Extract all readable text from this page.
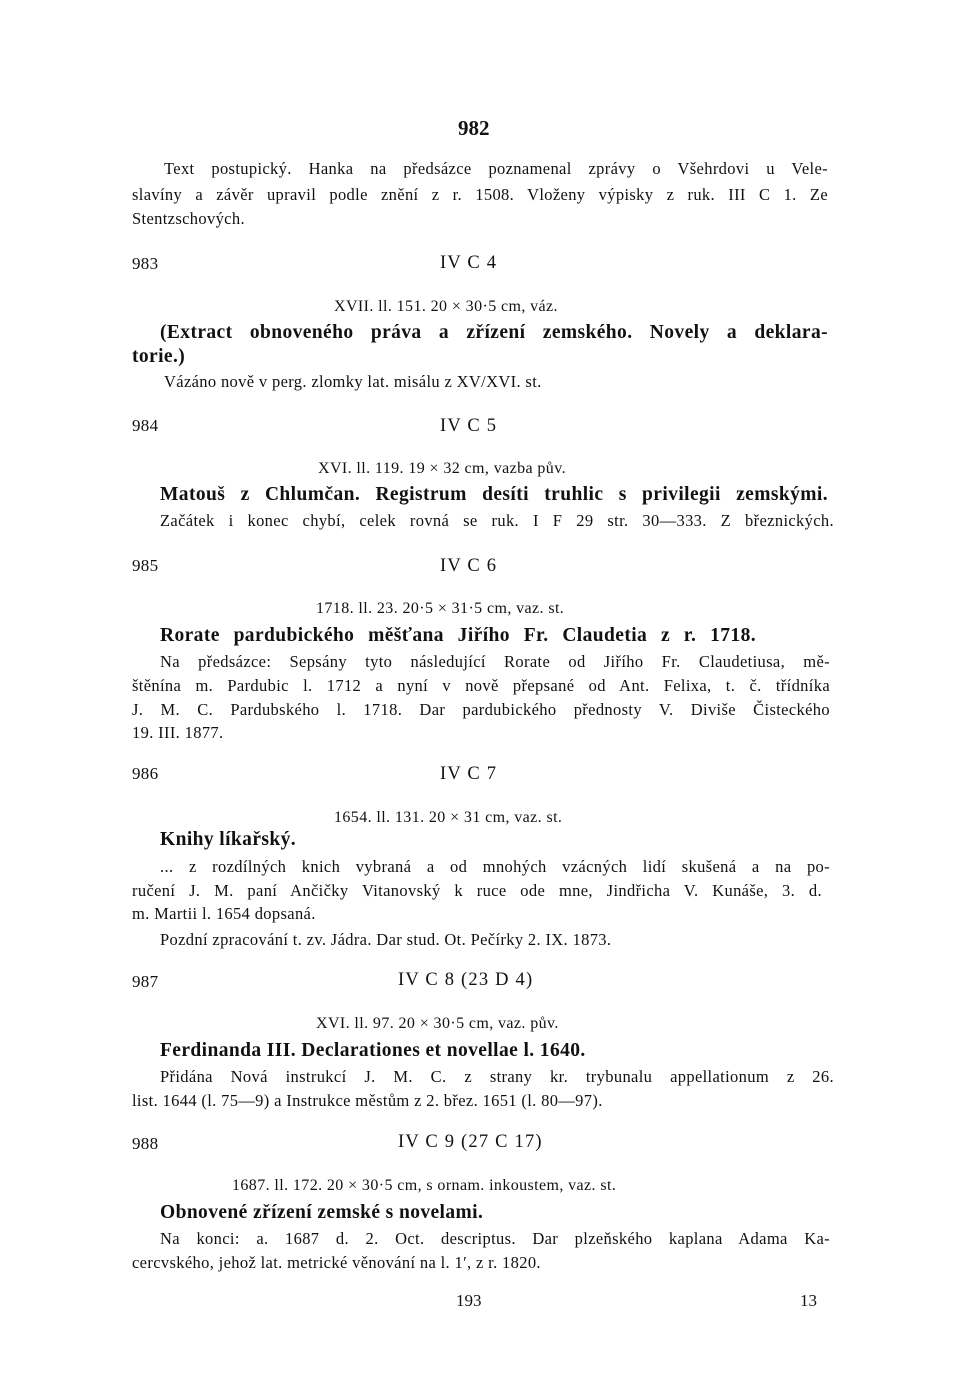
982
Text postupický. Hanka na předsázce poznamenal zprávy o Všehrdovi u Vele-
slavíny a závěr upravil podle znění z r. 1508. Vloženy výpisky z ruk. III C 1. Ze
Stentzschových.
983	IV C 4
XVII. ll. 151. 20 × 30·5 cm, váz.
(Extract obnoveného práva a zřízení zemského. Novely a deklara-
torie.)
Vázáno nově v perg. zlomky lat. misálu z XV/XVI. st.
984	IV C 5
XVI. ll. 119. 19 × 32 cm, vazba pův.
Matouš z Chlumčan. Registrum desíti truhlic s privilegii zemskými.
Začátek i konec chybí, celek rovná se ruk. I F 29 str. 30—333. Z březnických.
985	IV C 6
1718. ll. 23. 20·5 × 31·5 cm, vaz. st.
Rorate pardubického měšťana Jiřího Fr. Claudetia z r. 1718.
Na předsázce: Sepsány tyto následující Rorate od Jiřího Fr. Claudetiusa, mě-
štěnína m. Pardubic l. 1712 a nyní v nově přepsané od Ant. Felixa, t. č. třídníka
J. M. C. Pardubského l. 1718. Dar pardubického přednosty V. Diviše Čisteckého
19. III. 1877.
986	IV C 7
1654. ll. 131. 20 × 31 cm, vaz. st.
Knihy líkařský.
... z rozdílných knich vybraná a od mnohých vzácných lidí skušená a na po-
ručení J. M. paní Ančičky Vitanovský k ruce ode mne, Jindřicha V. Kunáše, 3. d.
m. Martii l. 1654 dopsaná.
Pozdní zpracování t. zv. Jádra. Dar stud. Ot. Pečírky 2. IX. 1873.
987	IV C 8 (23 D 4)
XVI. ll. 97. 20 × 30·5 cm, vaz. pův.
Ferdinanda III. Declarationes et novellae l. 1640.
Přidána Nová instrukcí J. M. C. z strany kr. trybunalu appellationum z 26.
list. 1644 (l. 75—9) a Instrukce městům z 2. břez. 1651 (l. 80—97).
988	IV C 9 (27 C 17)
1687. ll. 172. 20 × 30·5 cm, s ornam. inkoustem, vaz. st.
Obnovené zřízení zemské s novelami.
Na konci: a. 1687 d. 2. Oct. descriptus. Dar plzeňského kaplana Adama Ka-
cercvského, jehož lat. metrické věnování na l. 1′, z r. 1820.
193	13
